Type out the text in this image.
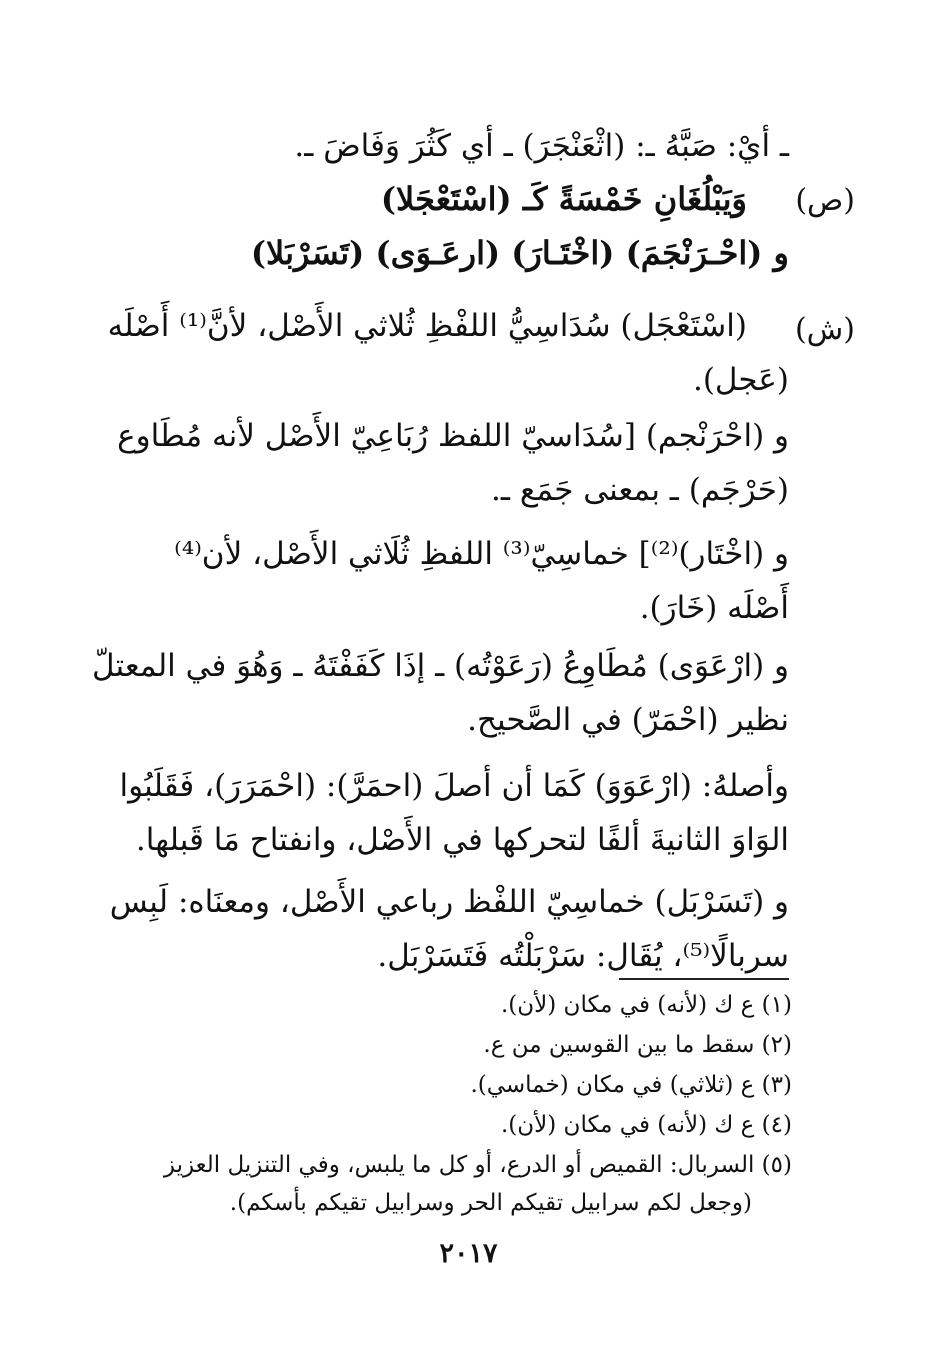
ـ أيْ: صَبَّهُ ـ: (اثْعَنْجَرَ) ـ أي كَثُرَ وَفَاضَ ـ.
(ص)
وَيَبْلُغَانِ خَمْسَةً كَـ (اسْتَعْجَلا)
و (احْـرَنْجَمَ) (اخْتَـارَ) (ارعَـوَى) (تَسَرْبَلا)
(ش)
(اسْتَعْجَل) سُدَاسِيُّ اللفْظِ ثُلاثي الأَصْل، لأنَّ⁽¹⁾ أَصْلَه
(عَجل).
و (احْرَنْجم) [سُدَاسيّ اللفظ رُبَاعِيّ الأَصْل لأنه مُطَاوع
(حَرْجَم) ـ بمعنى جَمَع ـ.
و (اخْتَار)⁽²⁾] خماسِيّ⁽³⁾ اللفظِ ثُلَاثي الأَصْل، لأن⁽⁴⁾
أَصْلَه (خَارَ).
و (ارْعَوَى) مُطَاوِعُ (رَعَوْتُه) ـ إذَا كَفَفْتَهُ ـ وَهُوَ في المعتلّ
نظير (احْمَرّ) في الصَّحيح.
وأصلهُ: (ارْعَوَوَ) كَمَا أن أصلَ (احمَرَّ): (احْمَرَرَ)، فَقَلَبُوا
الوَاوَ الثانيةَ ألفًا لتحركها في الأَصْل، وانفتاح مَا قَبلها.
و (تَسَرْبَل) خماسِيّ اللفْظ رباعي الأَصْل، ومعنَاه: لَبِس
سربالًا⁽⁵⁾، يُقَال: سَرْبَلْتُه فَتَسَرْبَل.
(١) ع ك (لأنه) في مكان (لأن).
(٢) سقط ما بين القوسين من ع.
(٣) ع (ثلاثي) في مكان (خماسي).
(٤) ع ك (لأنه) في مكان (لأن).
(٥) السربال: القميص أو الدرع، أو كل ما يلبس، وفي التنزيل العزيز
(وجعل لكم سرابيل تقيكم الحر وسرابيل تقيكم بأسكم).
٢٠١٧
